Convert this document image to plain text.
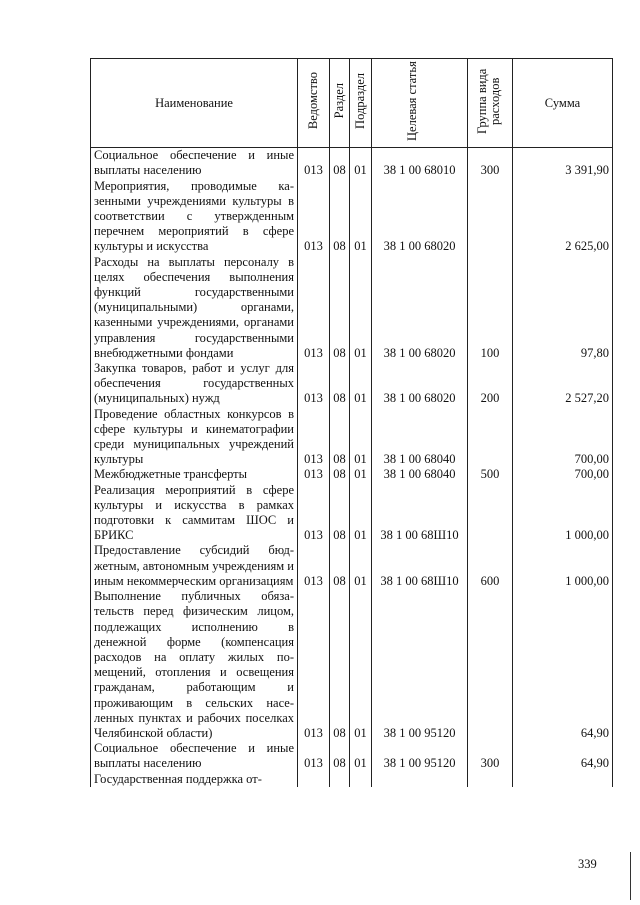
Наименование	Ведомство	Раздел	Подраздел	Целевая статья	Группа вида расходов	Сумма
Социальное обеспечение и иные выплаты населению	013	08	01	38 1 00 68010	300	3 391,90
Мероприятия, проводимые казенными учреждениями культуры в соответствии с утвержденным перечнем мероприятий в сфере культуры и искусства	013	08	01	38 1 00 68020		2 625,00
Расходы на выплаты персоналу в целях обеспечения выполнения функций государственными (муниципальными) органами, казенными учреждениями, органами управления государственными внебюджетными фондами	013	08	01	38 1 00 68020	100	97,80
Закупка товаров, работ и услуг для обеспечения государственных (муниципальных) нужд	013	08	01	38 1 00 68020	200	2 527,20
Проведение областных конкурсов в сфере культуры и кинематографии среди муниципальных учреждений культуры	013	08	01	38 1 00 68040		700,00
Межбюджетные трансферты	013	08	01	38 1 00 68040	500	700,00
Реализация мероприятий в сфере культуры и искусства в рамках подготовки к саммитам ШОС и БРИКС	013	08	01	38 1 00 68Ш10		1 000,00
Предоставление субсидий бюджетным, автономным учреждениям и иным некоммерческим организациям	013	08	01	38 1 00 68Ш10	600	1 000,00
Выполнение публичных обязательств перед физическим лицом, подлежащих исполнению в денежной форме (компенсация расходов на оплату жилых помещений, отопления и освещения гражданам, работающим и проживающим в сельских населенных пунктах и рабочих поселках Челябинской области)	013	08	01	38 1 00 95120		64,90
Социальное обеспечение и иные выплаты населению	013	08	01	38 1 00 95120	300	64,90
Государственная поддержка от-						
339
